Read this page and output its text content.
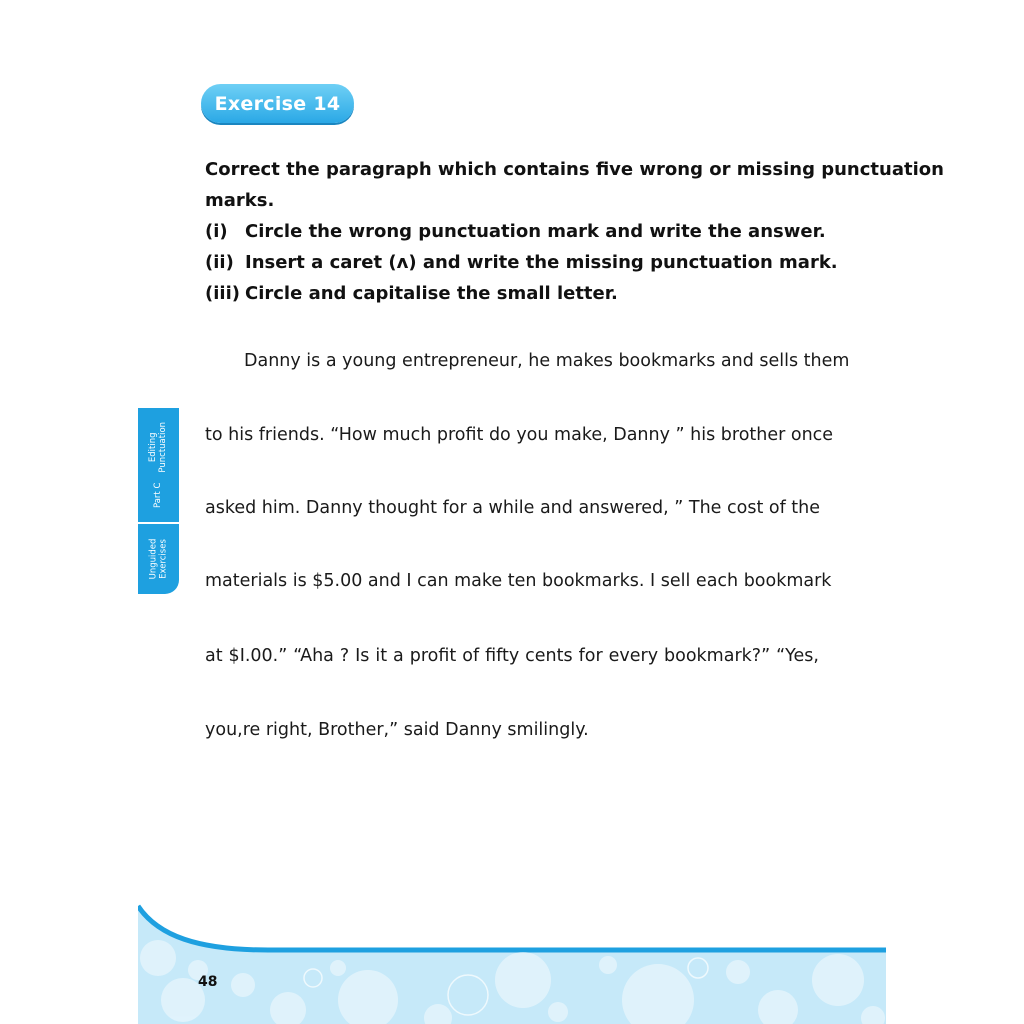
Exercise 14
Correct the paragraph which contains five wrong or missing punctuation
marks.
(i) Circle the wrong punctuation mark and write the answer.
(ii) Insert a caret (ʌ) and write the missing punctuation mark.
(iii) Circle and capitalise the small letter.
Danny is a young entrepreneur, he makes bookmarks and sells them
to his friends. “How much profit do you make, Danny ” his brother once
asked him. Danny thought for a while and answered, ” The cost of the
materials is $5.00 and I can make ten bookmarks. I sell each bookmark
at $I.00.” “Aha ? Is it a profit of fifty cents for every bookmark?” “Yes,
you,re right, Brother,” said Danny smilingly.
Part C
Editing Punctuation
Unguided Exercises
48
